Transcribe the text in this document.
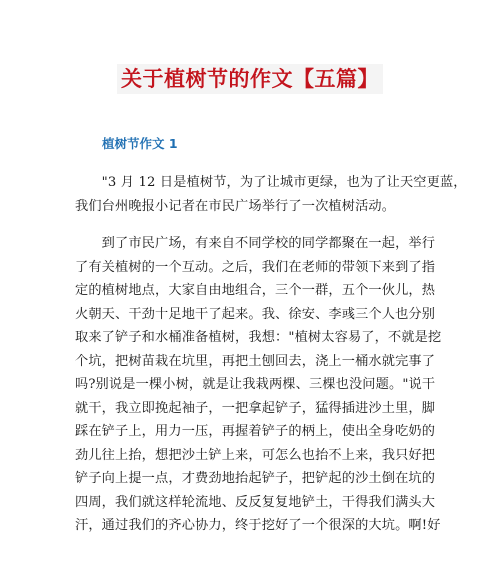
关于植树节的作文【五篇】
植树节作文 1

　　"3 月 12 日是植树节，为了让城市更绿，也为了让天空更蓝，
我们台州晚报小记者在市民广场举行了一次植树活动。

　　到了市民广场，有来自不同学校的同学都聚在一起，举行
了有关植树的一个互动。之后，我们在老师的带领下来到了指
定的植树地点，大家自由地组合，三个一群，五个一伙儿，热
火朝天、干劲十足地干了起来。我、徐安、李彧三个人也分别
取来了铲子和水桶准备植树，我想："植树太容易了，不就是挖
个坑，把树苗栽在坑里，再把土刨回去，浇上一桶水就完事了
吗?别说是一棵小树，就是让我栽两棵、三棵也没问题。"说干
就干，我立即挽起袖子，一把拿起铲子，猛得插进沙土里，脚
踩在铲子上，用力一压，再握着铲子的柄上，使出全身吃奶的
劲儿往上抬，想把沙土铲上来，可怎么也抬不上来，我只好把
铲子向上提一点，才费劲地抬起铲子，把铲起的沙土倒在坑的
四周，我们就这样轮流地、反反复复地铲土，干得我们满头大
汗，通过我们的齐心协力，终于挖好了一个很深的大坑。啊!好
